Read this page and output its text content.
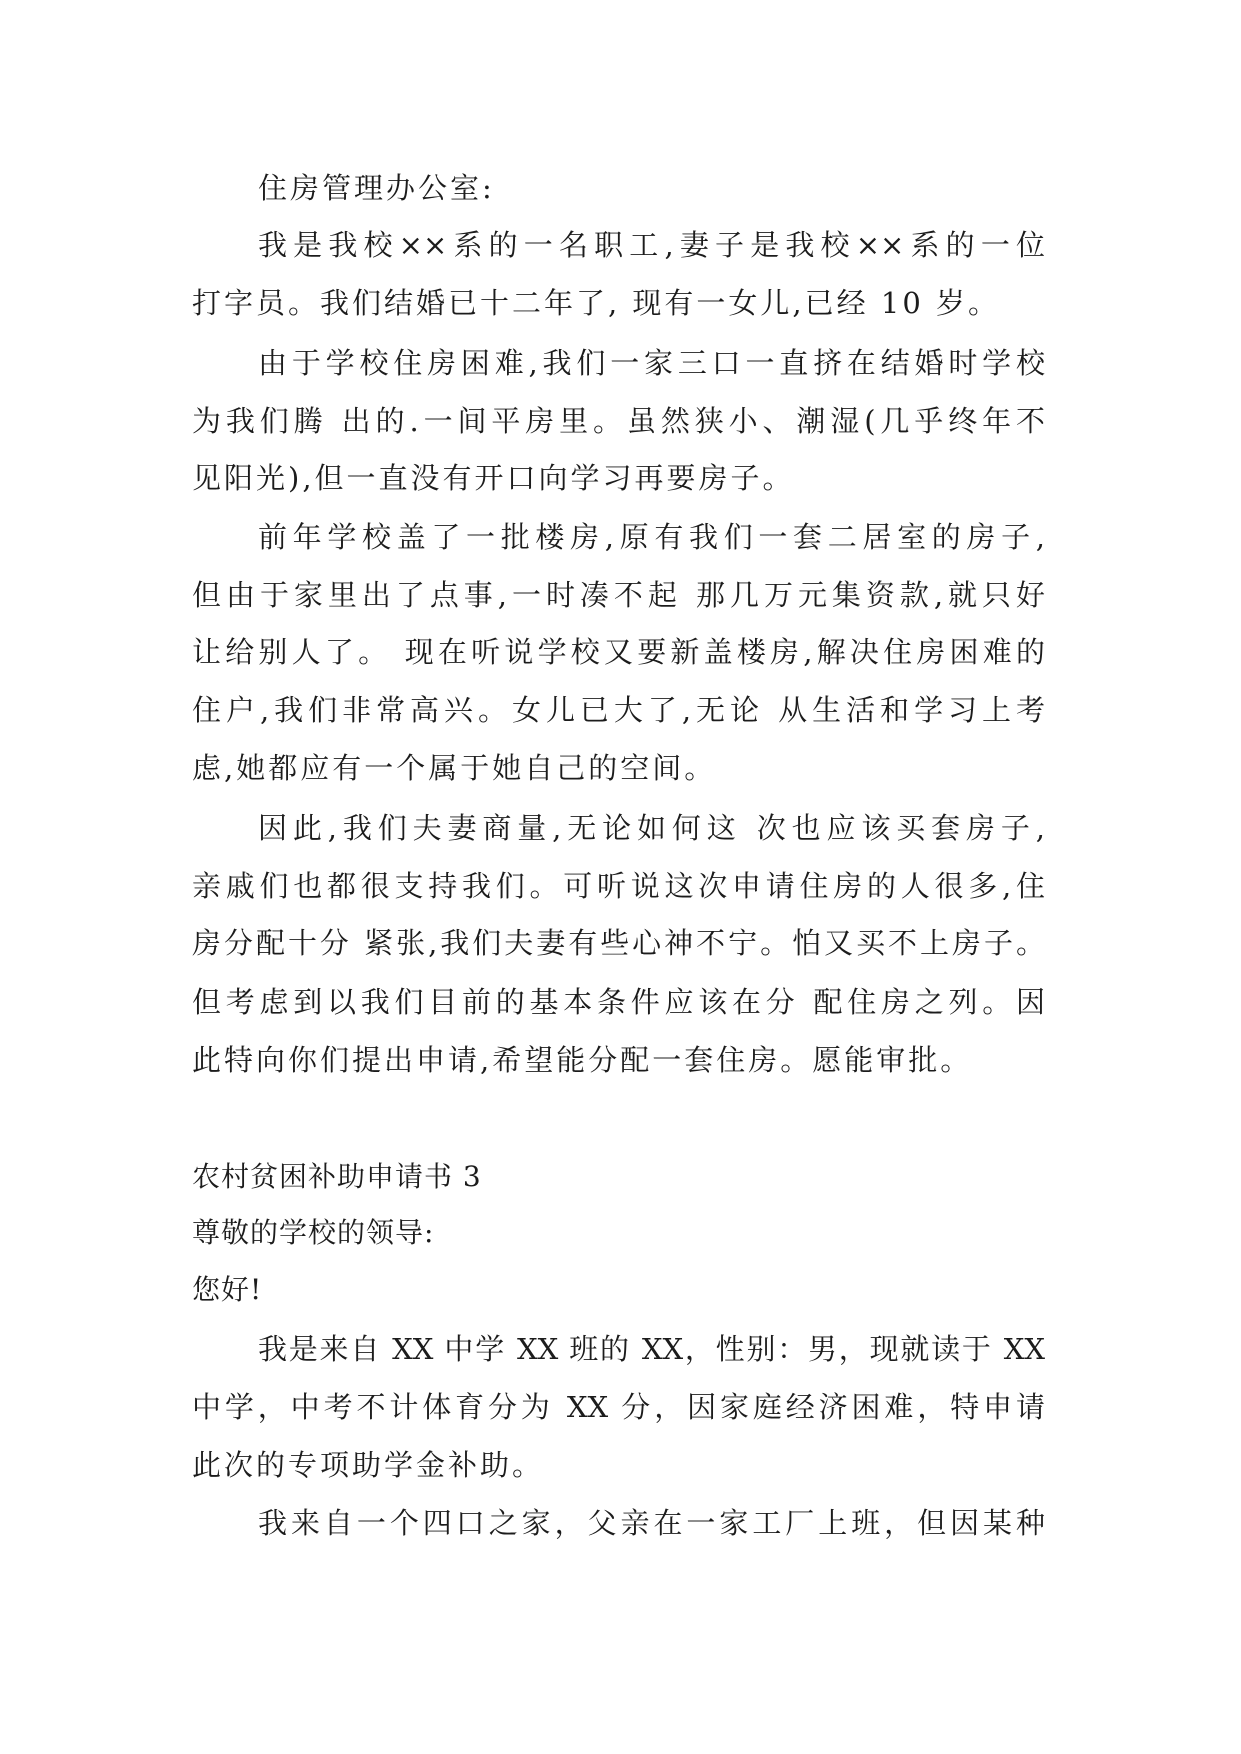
住房管理办公室:
我是我校××系的一名职工,妻子是我校××系的一位
打字员。我们结婚已十二年了, 现有一女儿,已经 10 岁。
由于学校住房困难,我们一家三口一直挤在结婚时学校
为我们腾 出的.一间平房里。虽然狭小、潮湿(几乎终年不
见阳光),但一直没有开口向学习再要房子。
前年学校盖了一批楼房,原有我们一套二居室的房子,
但由于家里出了点事,一时凑不起 那几万元集资款,就只好
让给别人了。 现在听说学校又要新盖楼房,解决住房困难的
住户,我们非常高兴。女儿已大了,无论 从生活和学习上考
虑,她都应有一个属于她自己的空间。
因此,我们夫妻商量,无论如何这 次也应该买套房子,
亲戚们也都很支持我们。可听说这次申请住房的人很多,住
房分配十分 紧张,我们夫妻有些心神不宁。怕又买不上房子。
但考虑到以我们目前的基本条件应该在分 配住房之列。因
此特向你们提出申请,希望能分配一套住房。愿能审批。
农村贫困补助申请书 3
尊敬的学校的领导:
您好!
我是来自 XX 中学 XX 班的 XX，性别：男，现就读于 XX
中学，中考不计体育分为 XX 分，因家庭经济困难，特申请
此次的专项助学金补助。
我来自一个四口之家，父亲在一家工厂上班，但因某种
